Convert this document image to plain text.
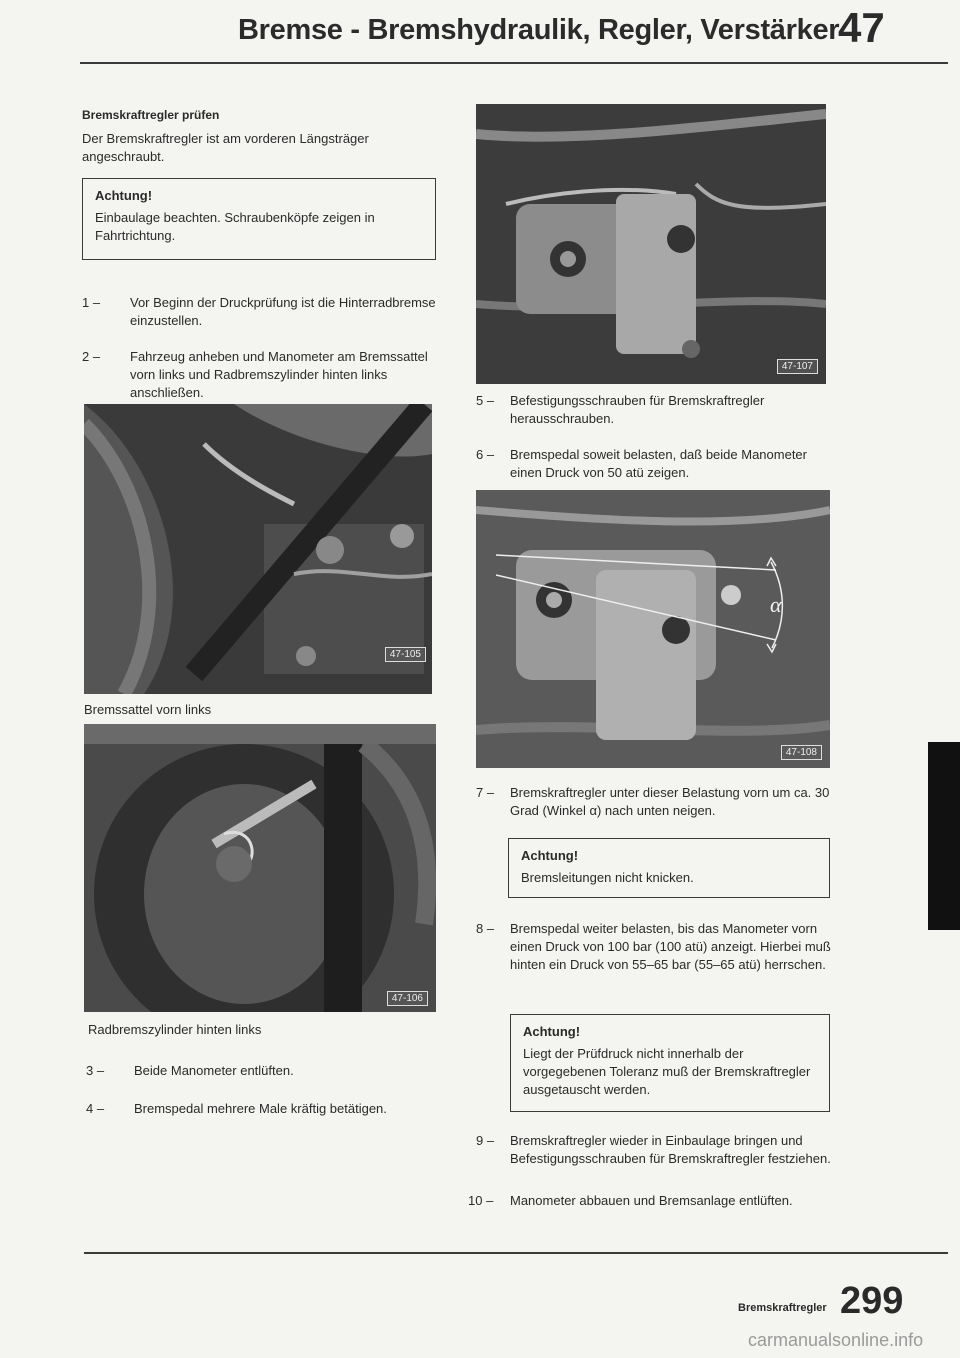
Bremse - Bremshydraulik, Regler, Verstärker
47
Bremskraftregler prüfen
Der Bremskraftregler ist am vorderen Längsträger angeschraubt.
Achtung!
Einbaulage beachten. Schraubenköpfe zeigen in Fahrtrichtung.
1 –	Vor Beginn der Druckprüfung ist die Hinterradbremse einzustellen.
2 –	Fahrzeug anheben und Manometer am Bremssattel vorn links und Radbremszylinder hinten links anschließen.
47-105
Bremssattel vorn links
47-106
Radbremszylinder hinten links
3 –	Beide Manometer entlüften.
4 –	Bremspedal mehrere Male kräftig betätigen.
47-107
5 –	Befestigungsschrauben für Bremskraftregler herausschrauben.
6 –	Bremspedal soweit belasten, daß beide Manometer einen Druck von 50 atü zeigen.
α
47-108
7 –	Bremskraftregler unter dieser Belastung vorn um ca. 30 Grad (Winkel α) nach unten neigen.
Achtung!
Bremsleitungen nicht knicken.
8 –	Bremspedal weiter belasten, bis das Manometer vorn einen Druck von 100 bar (100 atü) anzeigt. Hierbei muß hinten ein Druck von 55–65 bar (55–65 atü) herrschen.
Achtung!
Liegt der Prüfdruck nicht innerhalb der vorgegebenen Toleranz muß der Bremskraftregler ausgetauscht werden.
9 –	Bremskraftregler wieder in Einbaulage bringen und Befestigungsschrauben für Bremskraftregler festziehen.
10 –	Manometer abbauen und Bremsanlage entlüften.
Bremskraftregler 299
carmanualsonline.info
